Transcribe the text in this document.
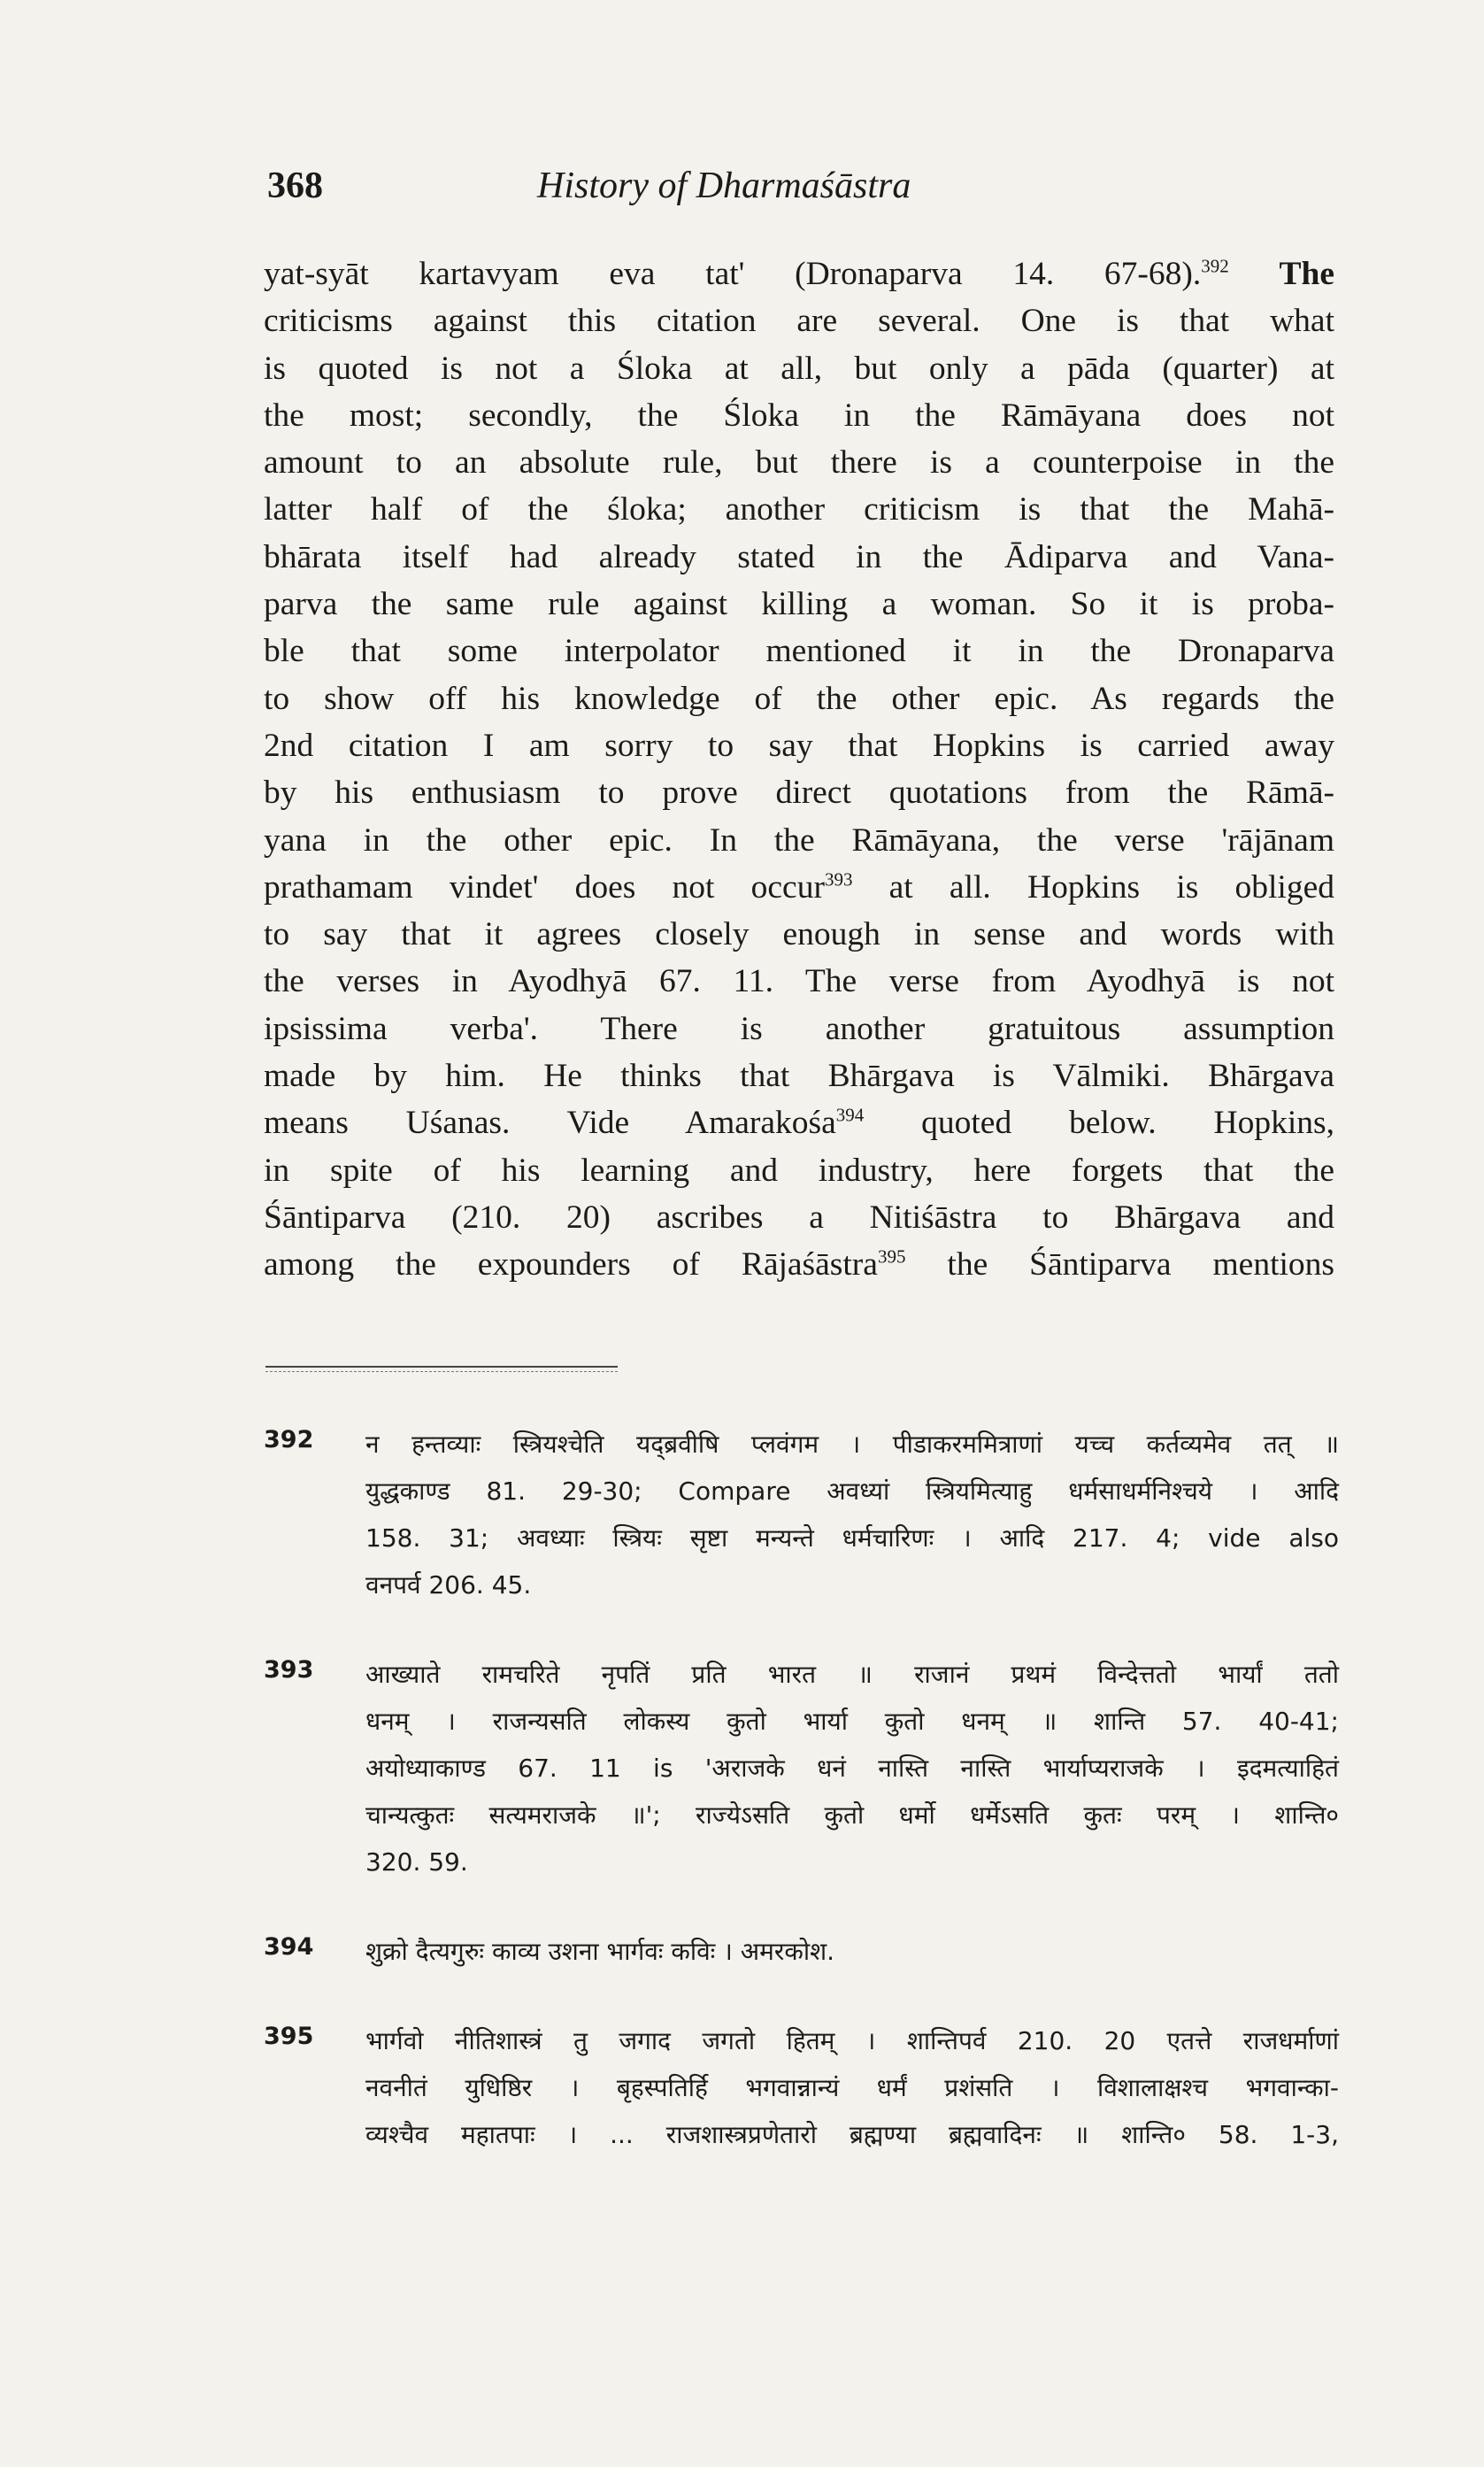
368	History of Dharmaśāstra
yat-syāt kartavyam eva tat' (Dronaparva 14. 67-68).$^{392}$ The
criticisms against this citation are several. One is that what
is quoted is not a Śloka at all, but only a pāda (quarter) at
the most; secondly, the Śloka in the Rāmāyana does not
amount to an absolute rule, but there is a counterpoise in the
latter half of the śloka; another criticism is that the Mahā-
bhārata itself had already stated in the Ādiparva and Vana-
parva the same rule against killing a woman. So it is proba-
ble that some interpolator mentioned it in the Dronaparva
to show off his knowledge of the other epic. As regards the
2nd citation I am sorry to say that Hopkins is carried away
by his enthusiasm to prove direct quotations from the Rāmā-
yana in the other epic. In the Rāmāyana, the verse 'rājānam
prathamam vindet' does not occur$^{393}$ at all. Hopkins is obliged
to say that it agrees closely enough in sense and words with
the verses in Ayodhyā 67. 11. The verse from Ayodhyā is not
ipsissima verba'. There is another gratuitous assumption
made by him. He thinks that Bhārgava is Vālmiki. Bhārgava
means Uśanas. Vide Amarakośa$^{394}$ quoted below. Hopkins,
in spite of his learning and industry, here forgets that the
Śāntiparva (210. 20) ascribes a Nitiśāstra to Bhārgava and
among the expounders of Rājaśāstra$^{395}$ the Śāntiparva mentions
392 न हन्तव्याः स्त्रियश्चेति यद्ब्रवीषि प्लवंगम । पीडाकरममित्राणां यच्च कर्तव्यमेव तत् ॥
युद्धकाण्ड 81. 29-30; Compare अवध्यां स्त्रियमित्याहु धर्मसाधर्मनिश्चये । आदि
158. 31; अवध्याः स्त्रियः सृष्टा मन्यन्ते धर्मचारिणः । आदि 217. 4; vide also
वनपर्व 206. 45.
393 आख्याते रामचरिते नृपतिं प्रति भारत ॥ राजानं प्रथमं विन्देत्ततो भार्यां ततो
धनम् । राजन्यसति लोकस्य कुतो भार्या कुतो धनम् ॥ शान्ति 57. 40-41;
अयोध्याकाण्ड 67. 11 is 'अराजके धनं नास्ति नास्ति भार्याप्यराजके । इदमत्याहितं
चान्यत्कुतः सत्यमराजके ॥'; राज्येऽसति कुतो धर्मो धर्मेऽसति कुतः परम् । शान्ति०
320. 59.
394 शुक्रो दैत्यगुरुः काव्य उशना भार्गवः कविः । अमरकोश.
395 भार्गवो नीतिशास्त्रं तु जगाद जगतो हितम् । शान्तिपर्व 210. 20 एतत्ते राजधर्माणां
नवनीतं युधिष्ठिर । बृहस्पतिर्हि भगवान्नान्यं धर्मं प्रशंसति । विशालाक्षश्च भगवान्का-
व्यश्चैव महातपाः । ... राजशास्त्रप्रणेतारो ब्रह्मण्या ब्रह्मवादिनः ॥ शान्ति० 58. 1-3,
